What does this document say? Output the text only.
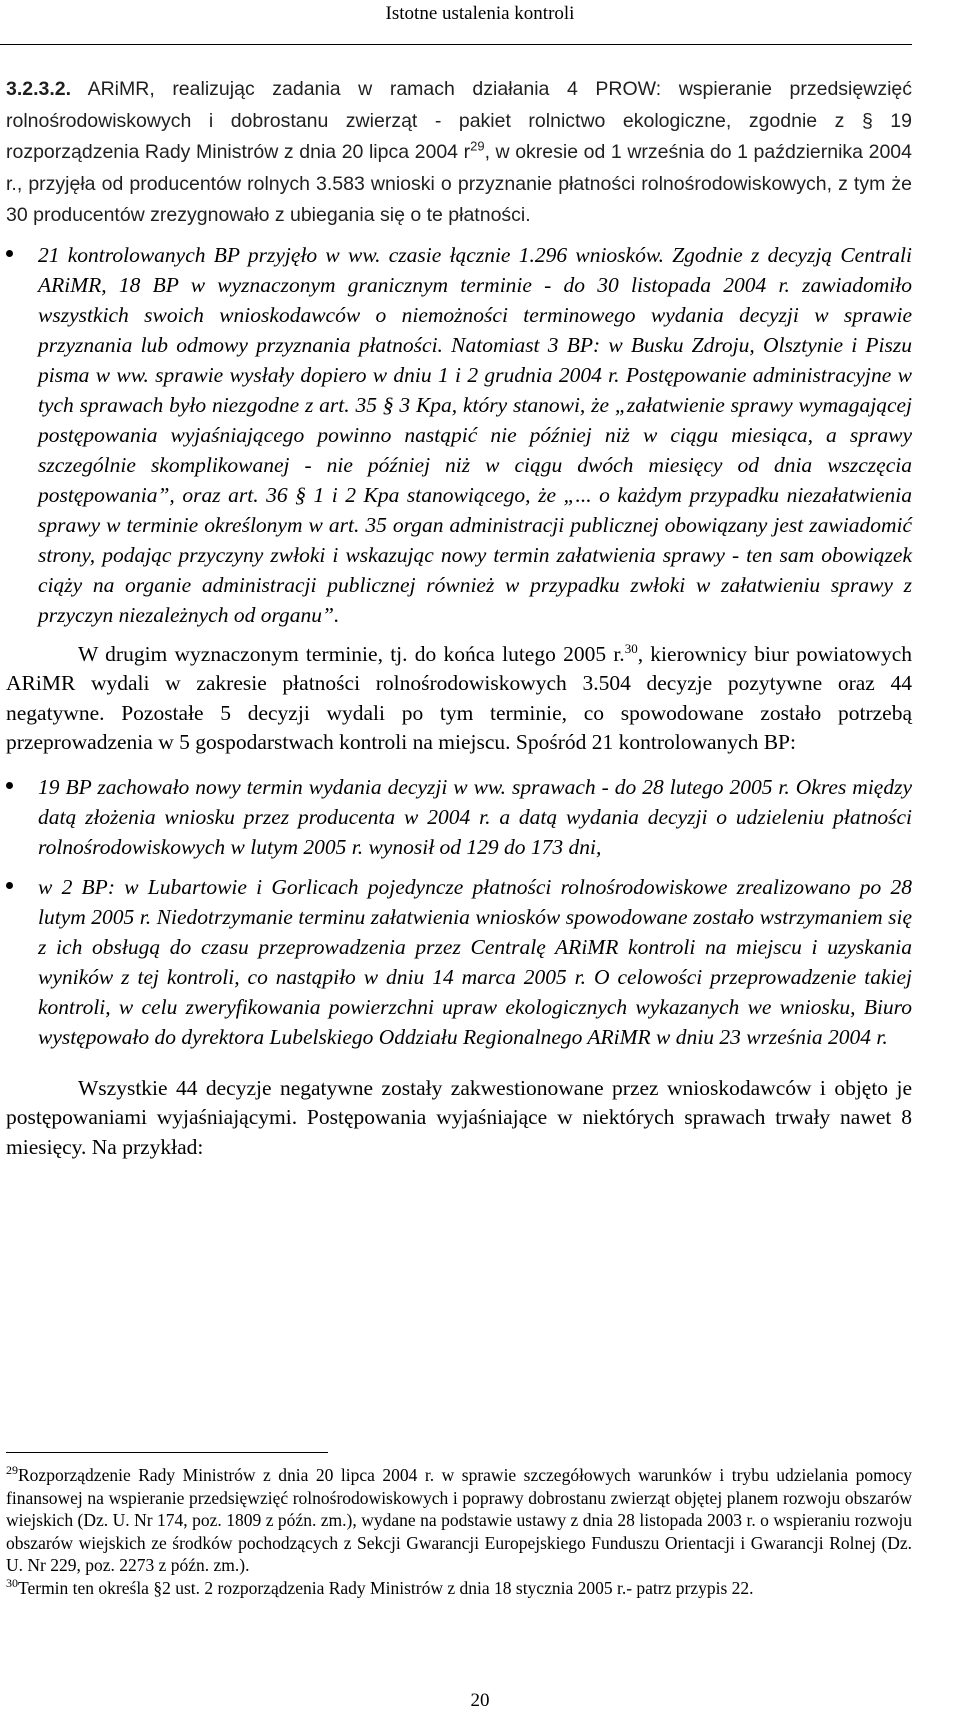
Istotne ustalenia kontroli

3.2.3.2. ARiMR, realizując zadania w ramach działania 4 PROW: wspieranie przedsięwzięć rolnośrodowiskowych i dobrostanu zwierząt - pakiet rolnictwo ekologiczne, zgodnie z § 19 rozporządzenia Rady Ministrów z dnia 20 lipca 2004 $r^{29}$, w okresie od 1 września do 1 października 2004 r., przyjęła od producentów rolnych 3.583 wnioski o przyznanie płatności rolnośrodowiskowych, z tym że 30 producentów zrezygnowało z ubiegania się o te płatności.

21 kontrolowanych BP przyjęło w ww. czasie łącznie 1.296 wniosków. Zgodnie z decyzją Centrali ARiMR, 18 BP w wyznaczonym granicznym terminie - do 30 listopada 2004 r. zawiadomiło wszystkich swoich wnioskodawców o niemożności terminowego wydania decyzji w sprawie przyznania lub odmowy przyznania płatności. Natomiast 3 BP: w Busku Zdroju, Olsztynie i Piszu pisma w ww. sprawie wysłały dopiero w dniu 1 i 2 grudnia 2004 r. Postępowanie administracyjne w tych sprawach było niezgodne z art. 35 § 3 Kpa, który stanowi, że „załatwienie sprawy wymagającej postępowania wyjaśniającego powinno nastąpić nie później niż w ciągu miesiąca, a sprawy szczególnie skomplikowanej - nie później niż w ciągu dwóch miesięcy od dnia wszczęcia postępowania”, oraz art. 36 § 1 i 2 Kpa stanowiącego, że „... o każdym przypadku niezałatwienia sprawy w terminie określonym w art. 35 organ administracji publicznej obowiązany jest zawiadomić strony, podając przyczyny zwłoki i wskazując nowy termin załatwienia sprawy - ten sam obowiązek ciąży na organie administracji publicznej również w przypadku zwłoki w załatwieniu sprawy z przyczyn niezależnych od organu”.

W drugim wyznaczonym terminie, tj. do końca lutego 2005 r.$^{30}$, kierownicy biur powiatowych ARiMR wydali w zakresie płatności rolnośrodowiskowych 3.504 decyzje pozytywne oraz 44 negatywne. Pozostałe 5 decyzji wydali po tym terminie, co spowodowane zostało potrzebą przeprowadzenia w 5 gospodarstwach kontroli na miejscu. Spośród 21 kontrolowanych BP:

19 BP zachowało nowy termin wydania decyzji w ww. sprawach - do 28 lutego 2005 r. Okres między datą złożenia wniosku przez producenta w 2004 r. a datą wydania decyzji o udzieleniu płatności rolnośrodowiskowych w lutym 2005 r. wynosił od 129 do 173 dni,
w 2 BP: w Lubartowie i Gorlicach pojedyncze płatności rolnośrodowiskowe zrealizowano po 28 lutym 2005 r. Niedotrzymanie terminu załatwienia wniosków spowodowane zostało wstrzymaniem się z ich obsługą do czasu przeprowadzenia przez Centralę ARiMR kontroli na miejscu i uzyskania wyników z tej kontroli, co nastąpiło w dniu 14 marca 2005 r. O celowości przeprowadzenie takiej kontroli, w celu zweryfikowania powierzchni upraw ekologicznych wykazanych we wniosku, Biuro występowało do dyrektora Lubelskiego Oddziału Regionalnego ARiMR w dniu 23 września 2004 r.

Wszystkie 44 decyzje negatywne zostały zakwestionowane przez wnioskodawców i objęto je postępowaniami wyjaśniającymi. Postępowania wyjaśniające w niektórych sprawach trwały nawet 8 miesięcy. Na przykład:

$^{29}$Rozporządzenie Rady Ministrów z dnia 20 lipca 2004 r. w sprawie szczegółowych warunków i trybu udzielania pomocy finansowej na wspieranie przedsięwzięć rolnośrodowiskowych i poprawy dobrostanu zwierząt objętej planem rozwoju obszarów wiejskich (Dz. U. Nr 174, poz. 1809 z późn. zm.), wydane na podstawie ustawy z dnia 28 listopada 2003 r. o wspieraniu rozwoju obszarów wiejskich ze środków pochodzących z Sekcji Gwarancji Europejskiego Funduszu Orientacji i Gwarancji Rolnej (Dz. U. Nr 229, poz. 2273 z późn. zm.).

$^{30}$Termin ten określa §2 ust. 2 rozporządzenia Rady Ministrów z dnia 18 stycznia 2005 r.- patrz przypis 22.

20
